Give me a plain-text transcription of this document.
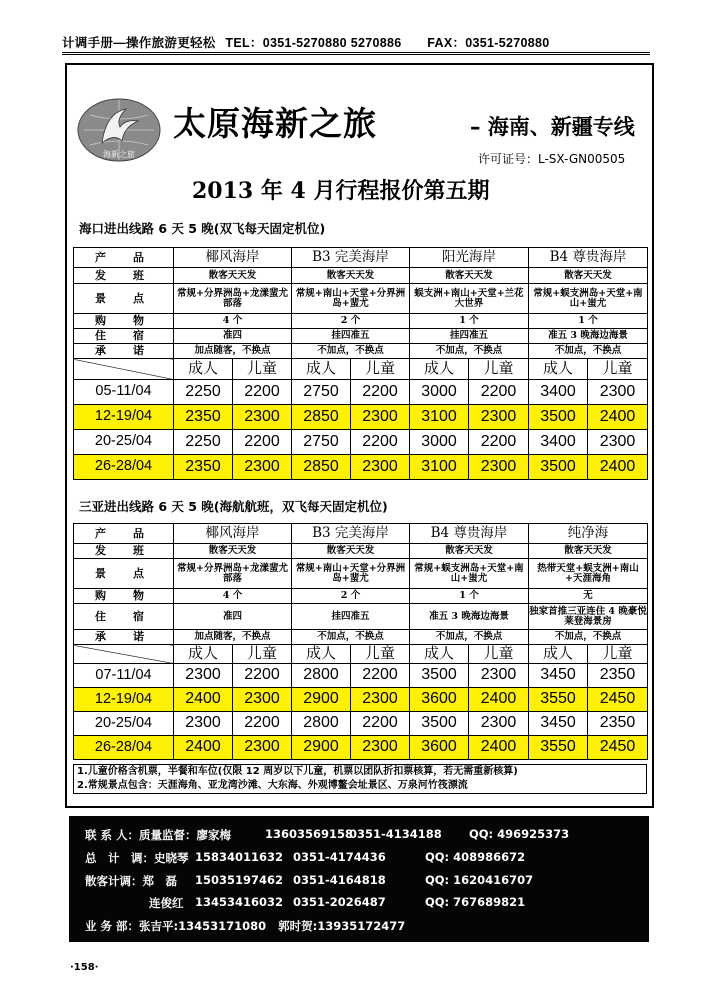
计调手册—操作旅游更轻松 TEL：0351-5270880 5270886 FAX：0351-5270880
海新之旅
太原海新之旅	– 海南、新疆专线
许可证号：L-SX-GN00505
2013 年 4 月行程报价第五期
海口进出线路 6 天 5 晚(双飞每天固定机位)
产　品	椰风海岸		B3 完美海岸		阳光海岸		B4 尊贵海岸	
发　班	散客天天发		散客天天发		散客天天发		散客天天发	
景　点	常规+分界洲岛+龙漾蜚尤部落		常规+南山+天堂+分界洲岛+蜚尤		蜈支洲+南山+天堂+兰花大世界		常规+蜈支洲岛+天堂+南山+蚩尤	
购　物	4 个		2 个		1 个		1 个	
住　宿	准四		挂四准五		挂四准五		准五 3 晚海边海景	
承　诺	加点随客，不换点		不加点，不换点		不加点，不换点		不加点，不换点	
	成人	儿童	成人	儿童	成人	儿童	成人	儿童
05-11/04	2250	2200	2750	2200	3000	2200	3400	2300
12-19/04	2350	2300	2850	2300	3100	2300	3500	2400
20-25/04	2250	2200	2750	2200	3000	2200	3400	2300
26-28/04	2350	2300	2850	2300	3100	2300	3500	2400
三亚进出线路 6 天 5 晚(海航航班，双飞每天固定机位)
产　品	椰风海岸		B3 完美海岸		B4 尊贵海岸		纯净海	
发　班	散客天天发		散客天天发		散客天天发		散客天天发	
景　点	常规+分界洲岛+龙漾蜚尤部落		常规+南山+天堂+分界洲岛+蜚尤		常规+蜈支洲岛+天堂+南山+蚩尤		热带天堂+蜈支洲+南山+天涯海角	
购　物	4 个		2 个		1 个		无	
住　宿	准四		挂四准五		准五 3 晚海边海景		独家首推三亚连住 4 晚豪悦莱登海景房	
承　诺	加点随客，不换点		不加点，不换点		不加点，不换点		不加点，不换点	
	成人	儿童	成人	儿童	成人	儿童	成人	儿童
07-11/04	2300	2200	2800	2200	3500	2300	3450	2350
12-19/04	2400	2300	2900	2300	3600	2400	3550	2450
20-25/04	2300	2200	2800	2200	3500	2300	3450	2350
26-28/04	2400	2300	2900	2300	3600	2400	3550	2450
1.儿童价格含机票，半餐和车位(仅限 12 周岁以下儿童，机票以团队折扣票核算，若无需重新核算)
2.常规景点包含：天涯海角、亚龙湾沙滩、大东海、外观博鳌会址景区、万泉河竹筏漂流
联 系 人：质量监督：廖家梅	13603569158
0351-4134188 QQ: 496925373
总　计　调：史晓琴 15834011632 0351-4174436	QQ: 408986672
散客计调：郑　磊 15035197462 0351-4164818	QQ: 1620416707
连俊红 13453416032 0351-2026487	QQ: 767689821
业 务 部：张吉平:13453171080 郭时贺:13935172477
·158·
